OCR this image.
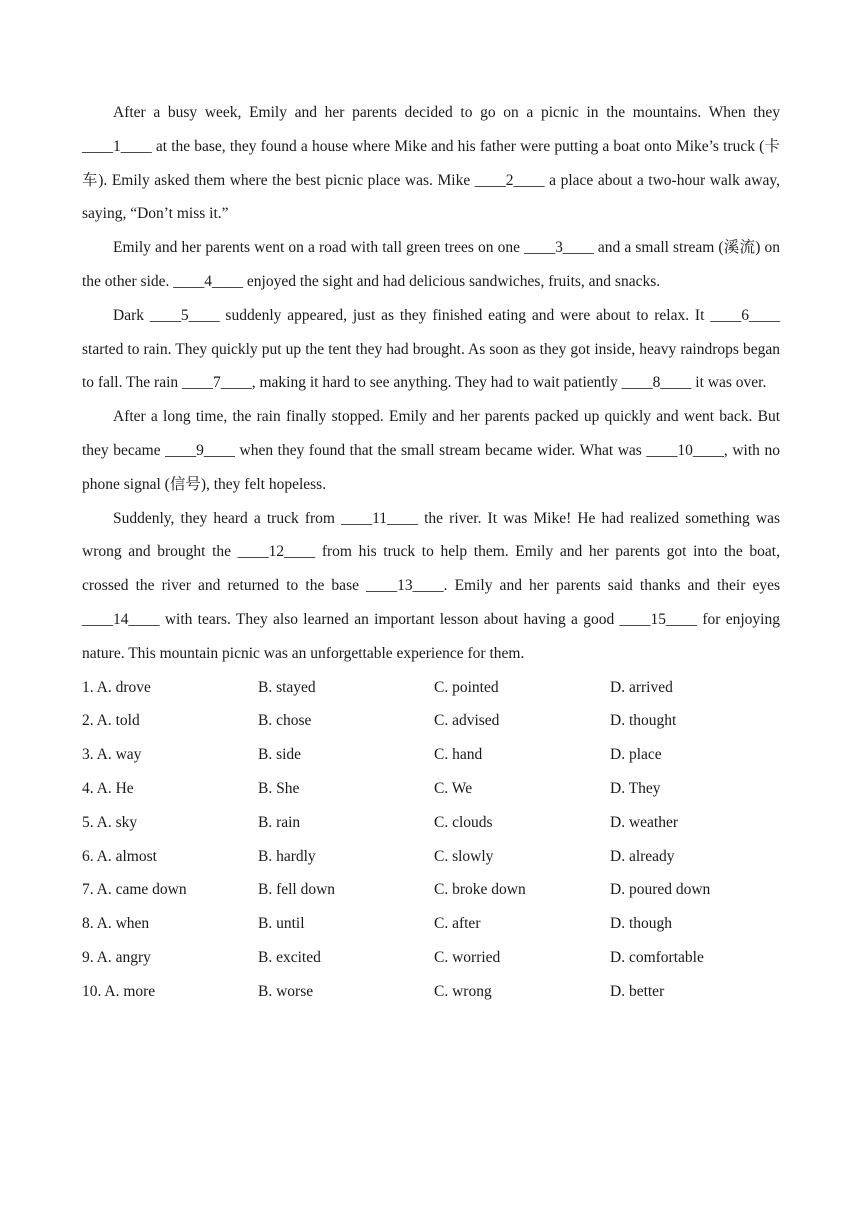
After a busy week, Emily and her parents decided to go on a picnic in the mountains. When they ____1____ at the base, they found a house where Mike and his father were putting a boat onto Mike’s truck (卡车). Emily asked them where the best picnic place was. Mike ____2____ a place about a two-hour walk away, saying, “Don’t miss it.”

Emily and her parents went on a road with tall green trees on one ____3____ and a small stream (溪流) on the other side. ____4____ enjoyed the sight and had delicious sandwiches, fruits, and snacks.

Dark ____5____ suddenly appeared, just as they finished eating and were about to relax. It ____6____ started to rain. They quickly put up the tent they had brought. As soon as they got inside, heavy raindrops began to fall. The rain ____7____, making it hard to see anything. They had to wait patiently ____8____ it was over.

After a long time, the rain finally stopped. Emily and her parents packed up quickly and went back. But they became ____9____ when they found that the small stream became wider. What was ____10____, with no phone signal (信号), they felt hopeless.

Suddenly, they heard a truck from ____11____ the river. It was Mike! He had realized something was wrong and brought the ____12____ from his truck to help them. Emily and her parents got into the boat, crossed the river and returned to the base ____13____. Emily and her parents said thanks and their eyes ____14____ with tears. They also learned an important lesson about having a good ____15____ for enjoying nature. This mountain picnic was an unforgettable experience for them.

1. A. drove	B. stayed	C. pointed	D. arrived
2. A. told	B. chose	C. advised	D. thought
3. A. way	B. side	C. hand	D. place
4. A. He	B. She	C. We	D. They
5. A. sky	B. rain	C. clouds	D. weather
6. A. almost	B. hardly	C. slowly	D. already
7. A. came down	B. fell down	C. broke down	D. poured down
8. A. when	B. until	C. after	D. though
9. A. angry	B. excited	C. worried	D. comfortable
10. A. more	B. worse	C. wrong	D. better
